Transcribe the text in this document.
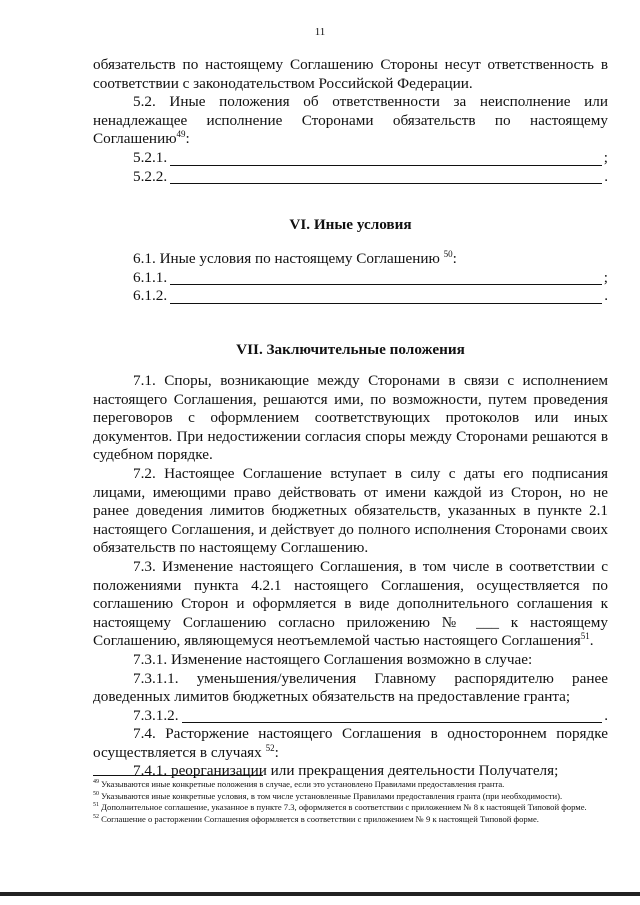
11

обязательств по настоящему Соглашению Стороны несут ответственность в соответствии с законодательством Российской Федерации.

5.2. Иные положения об ответственности за неисполнение или ненадлежащее исполнение Сторонами обязательств по настоящему Соглашению$^{49}$:

5.2.1.	;
5.2.2.	.

VI. Иные условия

6.1. Иные условия по настоящему Соглашению $^{50}$:

6.1.1.	;
6.1.2.	.

VII. Заключительные положения

7.1. Споры, возникающие между Сторонами в связи с исполнением настоящего Соглашения, решаются ими, по возможности, путем проведения переговоров с оформлением соответствующих протоколов или иных документов. При недостижении согласия споры между Сторонами решаются в судебном порядке.

7.2. Настоящее Соглашение вступает в силу с даты его подписания лицами, имеющими право действовать от имени каждой из Сторон, но не ранее доведения лимитов бюджетных обязательств, указанных в пункте 2.1 настоящего Соглашения, и действует до полного исполнения Сторонами своих обязательств по настоящему Соглашению.

7.3. Изменение настоящего Соглашения, в том числе в соответствии с положениями пункта 4.2.1 настоящего Соглашения, осуществляется по соглашению Сторон и оформляется в виде дополнительного соглашения к настоящему Соглашению согласно приложению № ___ к настоящему Соглашению, являющемуся неотъемлемой частью настоящего Соглашения$^{51}$.

7.3.1. Изменение настоящего Соглашения возможно в случае:

7.3.1.1. уменьшения/увеличения Главному распорядителю ранее доведенных лимитов бюджетных обязательств на предоставление гранта;

7.3.1.2.	.

7.4. Расторжение настоящего Соглашения в одностороннем порядке осуществляется в случаях $^{52}$:

7.4.1. реорганизации или прекращения деятельности Получателя;

$^{49}$ Указываются иные конкретные положения в случае, если это установлено Правилами предоставления гранта.

$^{50}$ Указываются иные конкретные условия, в том числе установленные Правилами предоставления гранта (при необходимости).

$^{51}$ Дополнительное соглашение, указанное в пункте 7.3, оформляется в соответствии с приложением № 8 к настоящей Типовой форме.

$^{52}$ Соглашение о расторжении Соглашения оформляется в соответствии с приложением № 9 к настоящей Типовой форме.
